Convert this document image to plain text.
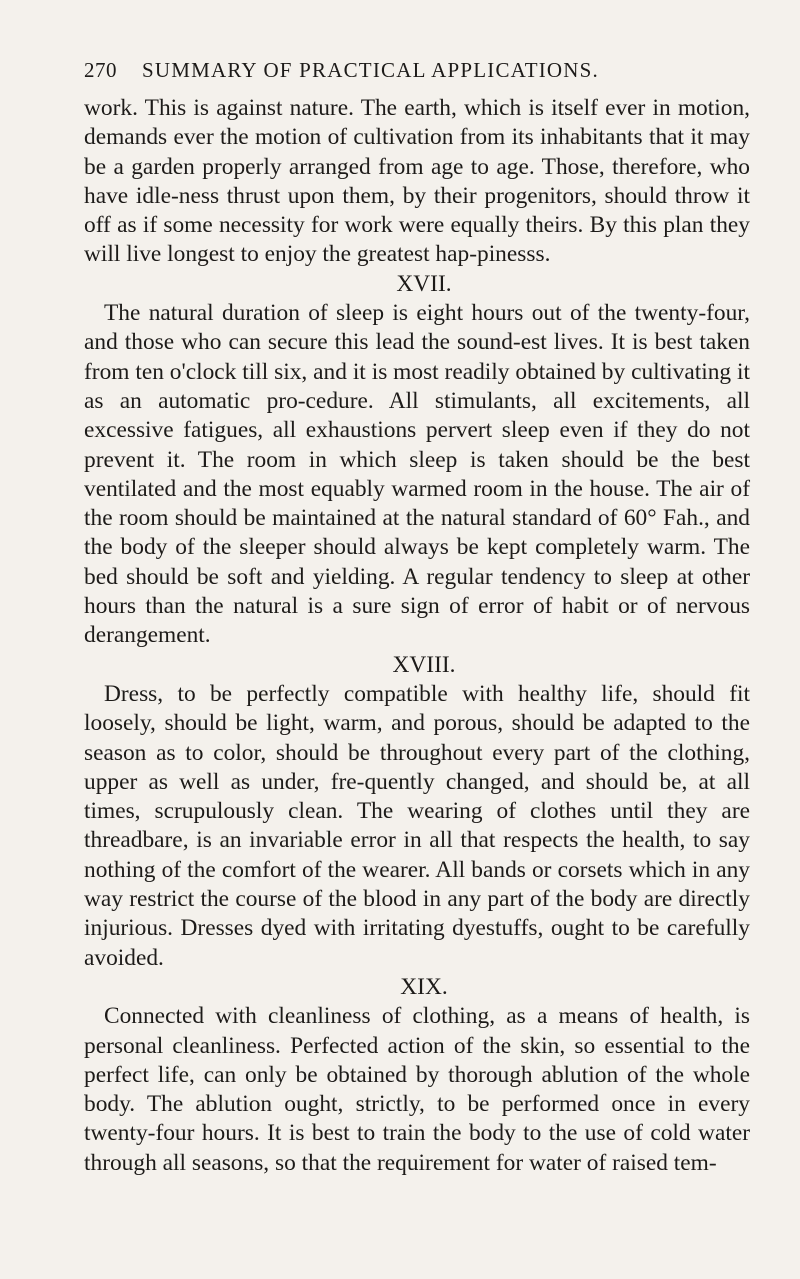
270 SUMMARY OF PRACTICAL APPLICATIONS.

work. This is against nature. The earth, which is itself ever in motion, demands ever the motion of cultivation from its inhabitants that it may be a garden properly arranged from age to age. Those, therefore, who have idle-ness thrust upon them, by their progenitors, should throw it off as if some necessity for work were equally theirs. By this plan they will live longest to enjoy the greatest hap-pinesss.

XVII.

The natural duration of sleep is eight hours out of the twenty-four, and those who can secure this lead the sound-est lives. It is best taken from ten o'clock till six, and it is most readily obtained by cultivating it as an automatic pro-cedure. All stimulants, all excitements, all excessive fatigues, all exhaustions pervert sleep even if they do not prevent it. The room in which sleep is taken should be the best ventilated and the most equably warmed room in the house. The air of the room should be maintained at the natural standard of 60° Fah., and the body of the sleeper should always be kept completely warm. The bed should be soft and yielding. A regular tendency to sleep at other hours than the natural is a sure sign of error of habit or of nervous derangement.

XVIII.

Dress, to be perfectly compatible with healthy life, should fit loosely, should be light, warm, and porous, should be adapted to the season as to color, should be throughout every part of the clothing, upper as well as under, fre-quently changed, and should be, at all times, scrupulously clean. The wearing of clothes until they are threadbare, is an invariable error in all that respects the health, to say nothing of the comfort of the wearer. All bands or corsets which in any way restrict the course of the blood in any part of the body are directly injurious. Dresses dyed with irritating dyestuffs, ought to be carefully avoided.

XIX.

Connected with cleanliness of clothing, as a means of health, is personal cleanliness. Perfected action of the skin, so essential to the perfect life, can only be obtained by thorough ablution of the whole body. The ablution ought, strictly, to be performed once in every twenty-four hours. It is best to train the body to the use of cold water through all seasons, so that the requirement for water of raised tem-
